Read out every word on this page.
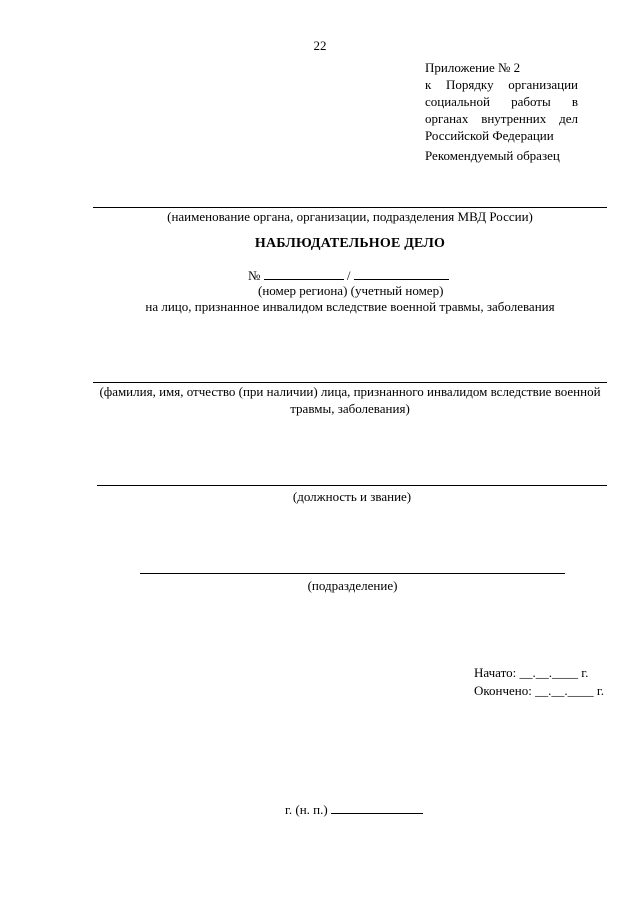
22
Приложение № 2
к Порядку организации
социальной работы в
органах внутренних дел
Российской Федерации
Рекомендуемый образец
(наименование органа, организации, подразделения МВД России)
НАБЛЮДАТЕЛЬНОЕ ДЕЛО
№	/
(номер региона) (учетный номер)
на лицо, признанное инвалидом вследствие военной травмы, заболевания
(фамилия, имя, отчество (при наличии) лица, признанного инвалидом вследствие военной
травмы, заболевания)
(должность и звание)
(подразделение)
Начато: __.__.____ г.
Окончено: __.__.____ г.
г. (н. п.)
